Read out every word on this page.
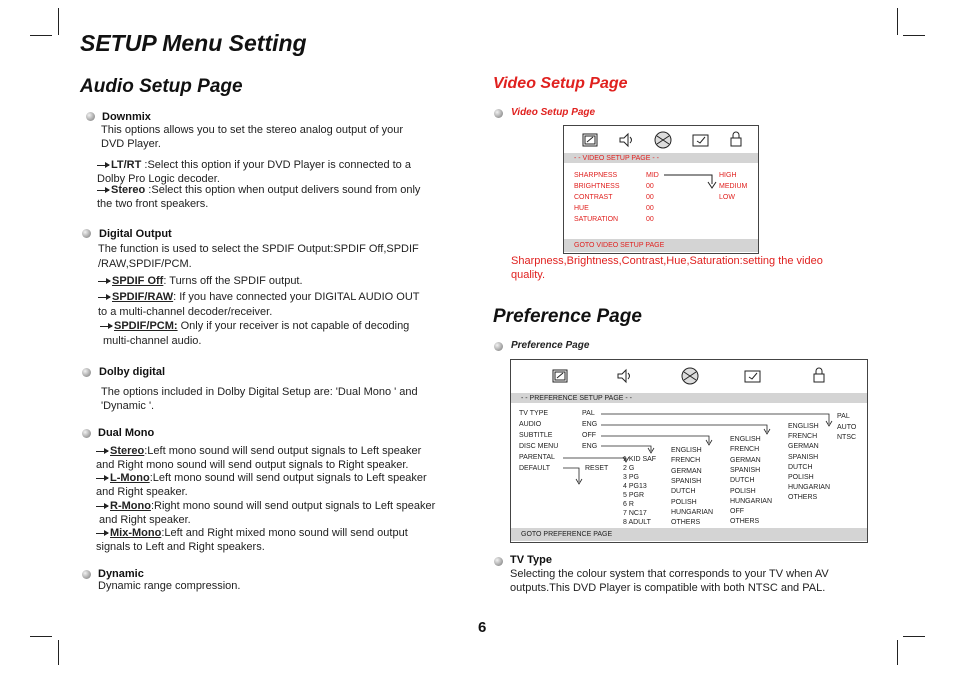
SETUP Menu Setting
Audio Setup Page
Downmix
This options allows you to set the stereo analog output of your
DVD Player.
LT/RT :Select this option if your DVD Player is connected to a
Dolby Pro Logic decoder.
Stereo :Select this option when output delivers sound from only
the two front speakers.
Digital Output
The function is used to select the SPDIF Output:SPDIF Off,SPDIF
/RAW,SPDIF/PCM.
SPDIF Off: Turns off the SPDIF output.
SPDIF/RAW: If you have connected your DIGITAL AUDIO OUT
to a multi-channel decoder/receiver.
SPDIF/PCM: Only if your receiver is not capable of decoding
multi-channel audio.
Dolby digital
The options included in Dolby Digital Setup are: 'Dual Mono ' and
'Dynamic '.
Dual Mono
Stereo:Left mono sound will send output signals to Left speaker
and Right mono sound will send output signals to Right speaker.
L-Mono:Left mono sound will send output signals to Left speaker
and Right speaker.
R-Mono:Right mono sound will send output signals to Left speaker
and Right speaker.
Mix-Mono:Left and Right mixed mono sound will send output
signals to Left and Right speakers.
Dynamic
Dynamic range compression.
Video Setup Page
Video Setup Page
- - VIDEO SETUP PAGE - -
SHARPNESS	MID
BRIGHTNESS	00
CONTRAST	00
HUE	00
SATURATION	00
HIGH
MEDIUM
LOW
GOTO VIDEO SETUP PAGE
Sharpness,Brightness,Contrast,Hue,Saturation:setting the video
quality.
Preference Page
Preference Page
- - PREFERENCE SETUP PAGE - -
TV TYPE	PAL
AUDIO	ENG
SUBTITLE	OFF
DISC MENU	ENG
PARENTAL
DEFAULT	RESET
1 KID SAF
2 G
3 PG
4 PG13
5 PGR
6 R
7 NC17
8 ADULT
ENGLISH
FRENCH
GERMAN
SPANISH
DUTCH
POLISH
HUNGARIAN
OTHERS
ENGLISH
FRENCH
GERMAN
SPANISH
DUTCH
POLISH
HUNGARIAN
OFF
OTHERS
ENGLISH
FRENCH
GERMAN
SPANISH
DUTCH
POLISH
HUNGARIAN
OTHERS
PAL
AUTO
NTSC
GOTO PREFERENCE PAGE
TV Type
Selecting the colour system that corresponds to your TV when AV
outputs.This DVD Player is compatible with both NTSC and PAL.
6
